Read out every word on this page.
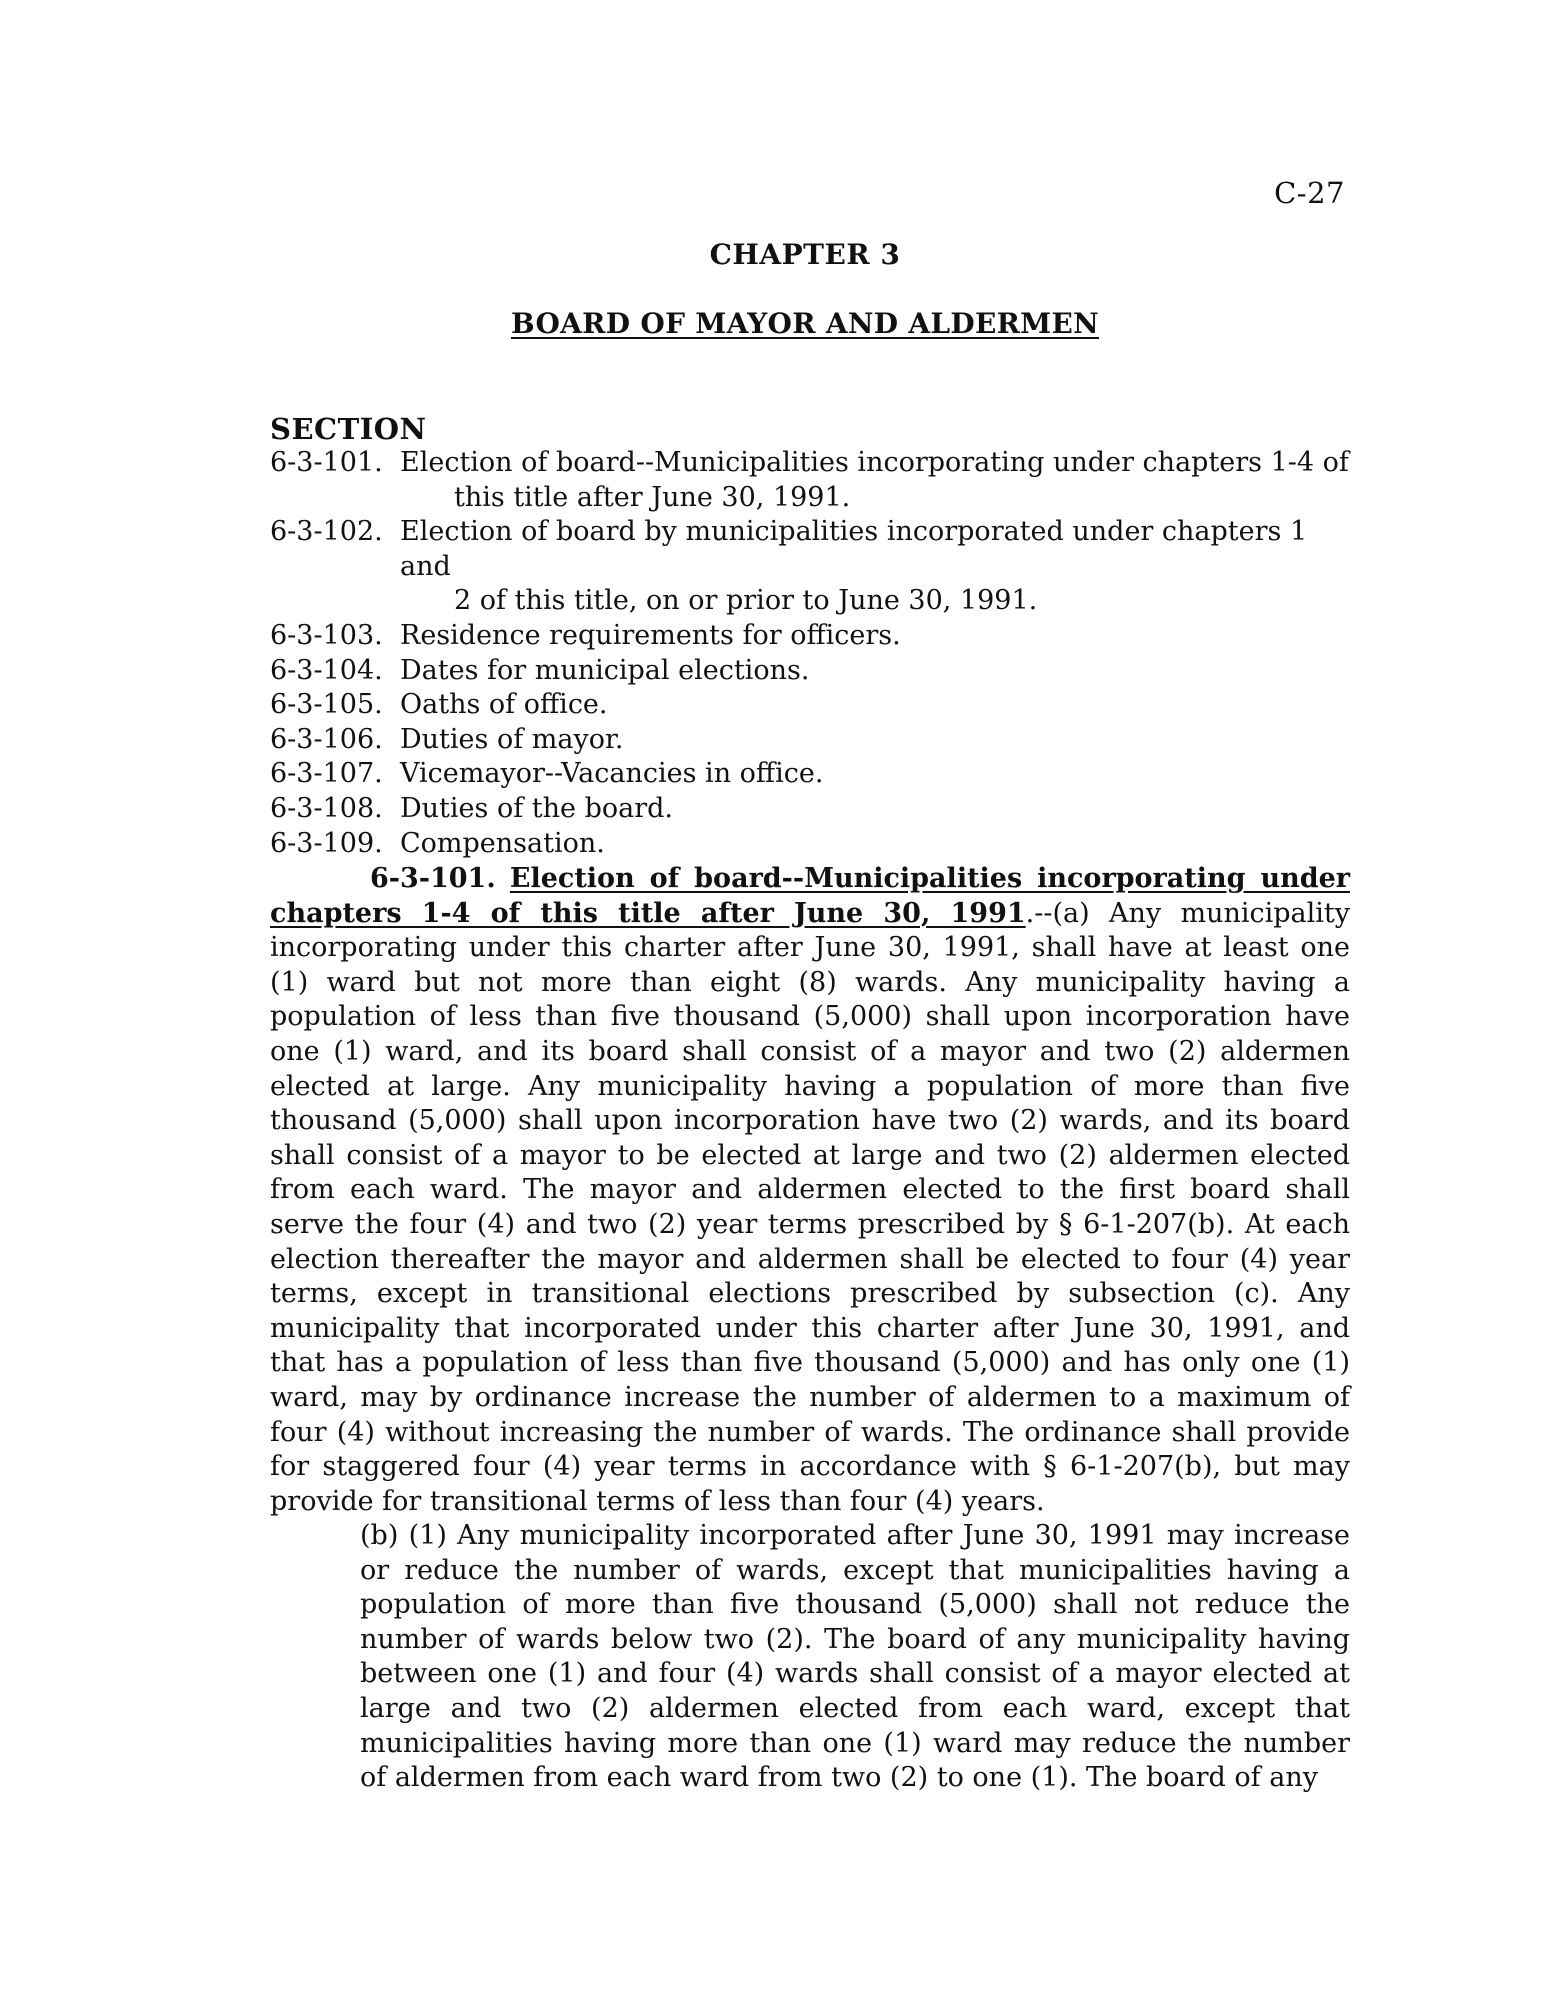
C-27
CHAPTER 3
BOARD OF MAYOR AND ALDERMEN
SECTION
6-3-101. Election of board--Municipalities incorporating under chapters 1-4 of
this title after June 30, 1991.
6-3-102. Election of board by municipalities incorporated under chapters 1 and
2 of this title, on or prior to June 30, 1991.
6-3-103. Residence requirements for officers.
6-3-104. Dates for municipal elections.
6-3-105. Oaths of office.
6-3-106. Duties of mayor.
6-3-107. Vicemayor--Vacancies in office.
6-3-108. Duties of the board.
6-3-109. Compensation.

6-3-101. Election of board--Municipalities incorporating under chapters 1-4 of this title after June 30, 1991.--(a) Any municipality incorporating under this charter after June 30, 1991, shall have at least one (1) ward but not more than eight (8) wards. Any municipality having a population of less than five thousand (5,000) shall upon incorporation have one (1) ward, and its board shall consist of a mayor and two (2) aldermen elected at large. Any municipality having a population of more than five thousand (5,000) shall upon incorporation have two (2) wards, and its board shall consist of a mayor to be elected at large and two (2) aldermen elected from each ward. The mayor and aldermen elected to the first board shall serve the four (4) and two (2) year terms prescribed by § 6-1-207(b). At each election thereafter the mayor and aldermen shall be elected to four (4) year terms, except in transitional elections prescribed by subsection (c). Any municipality that incorporated under this charter after June 30, 1991, and that has a population of less than five thousand (5,000) and has only one (1) ward, may by ordinance increase the number of aldermen to a maximum of four (4) without increasing the number of wards. The ordinance shall provide for staggered four (4) year terms in accordance with § 6-1-207(b), but may provide for transitional terms of less than four (4) years.

(b) (1) Any municipality incorporated after June 30, 1991 may increase or reduce the number of wards, except that municipalities having a population of more than five thousand (5,000) shall not reduce the number of wards below two (2). The board of any municipality having between one (1) and four (4) wards shall consist of a mayor elected at large and two (2) aldermen elected from each ward, except that municipalities having more than one (1) ward may reduce the number of aldermen from each ward from two (2) to one (1). The board of any
